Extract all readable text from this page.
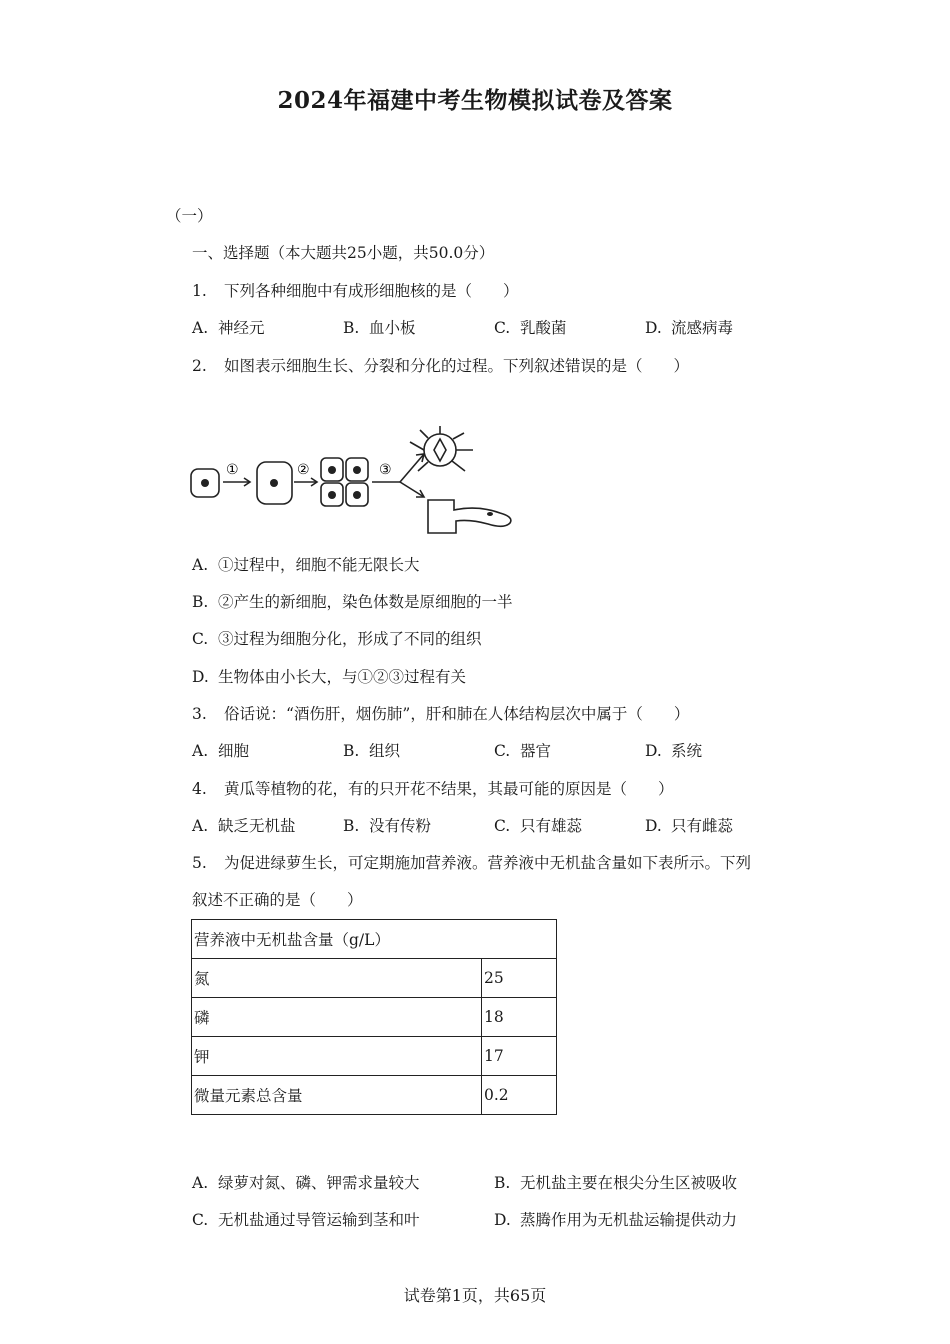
2024年福建中考生物模拟试卷及答案
（一）
一、选择题（本大题共25小题，共50.0分）
1. 下列各种细胞中有成形细胞核的是（　　）
A. 神经元	B. 血小板	C. 乳酸菌	D. 流感病毒
2. 如图表示细胞生长、分裂和分化的过程。下列叙述错误的是（　　）
①	②	③
A. ①过程中，细胞不能无限长大
B. ②产生的新细胞，染色体数是原细胞的一半
C. ③过程为细胞分化，形成了不同的组织
D. 生物体由小长大，与①②③过程有关
3. 俗话说：“酒伤肝，烟伤肺”，肝和肺在人体结构层次中属于（　　）
A. 细胞	B. 组织	C. 器官	D. 系统
4. 黄瓜等植物的花，有的只开花不结果，其最可能的原因是（　　）
A. 缺乏无机盐	B. 没有传粉	C. 只有雄蕊	D. 只有雌蕊
5. 为促进绿萝生长，可定期施加营养液。营养液中无机盐含量如下表所示。下列
叙述不正确的是（　　）
营养液中无机盐含量（g/L）	
氮	25
磷	18
钾	17
微量元素总含量	0.2
A. 绿萝对氮、磷、钾需求量较大	B. 无机盐主要在根尖分生区被吸收
C. 无机盐通过导管运输到茎和叶	D. 蒸腾作用为无机盐运输提供动力
试卷第1页，共65页
